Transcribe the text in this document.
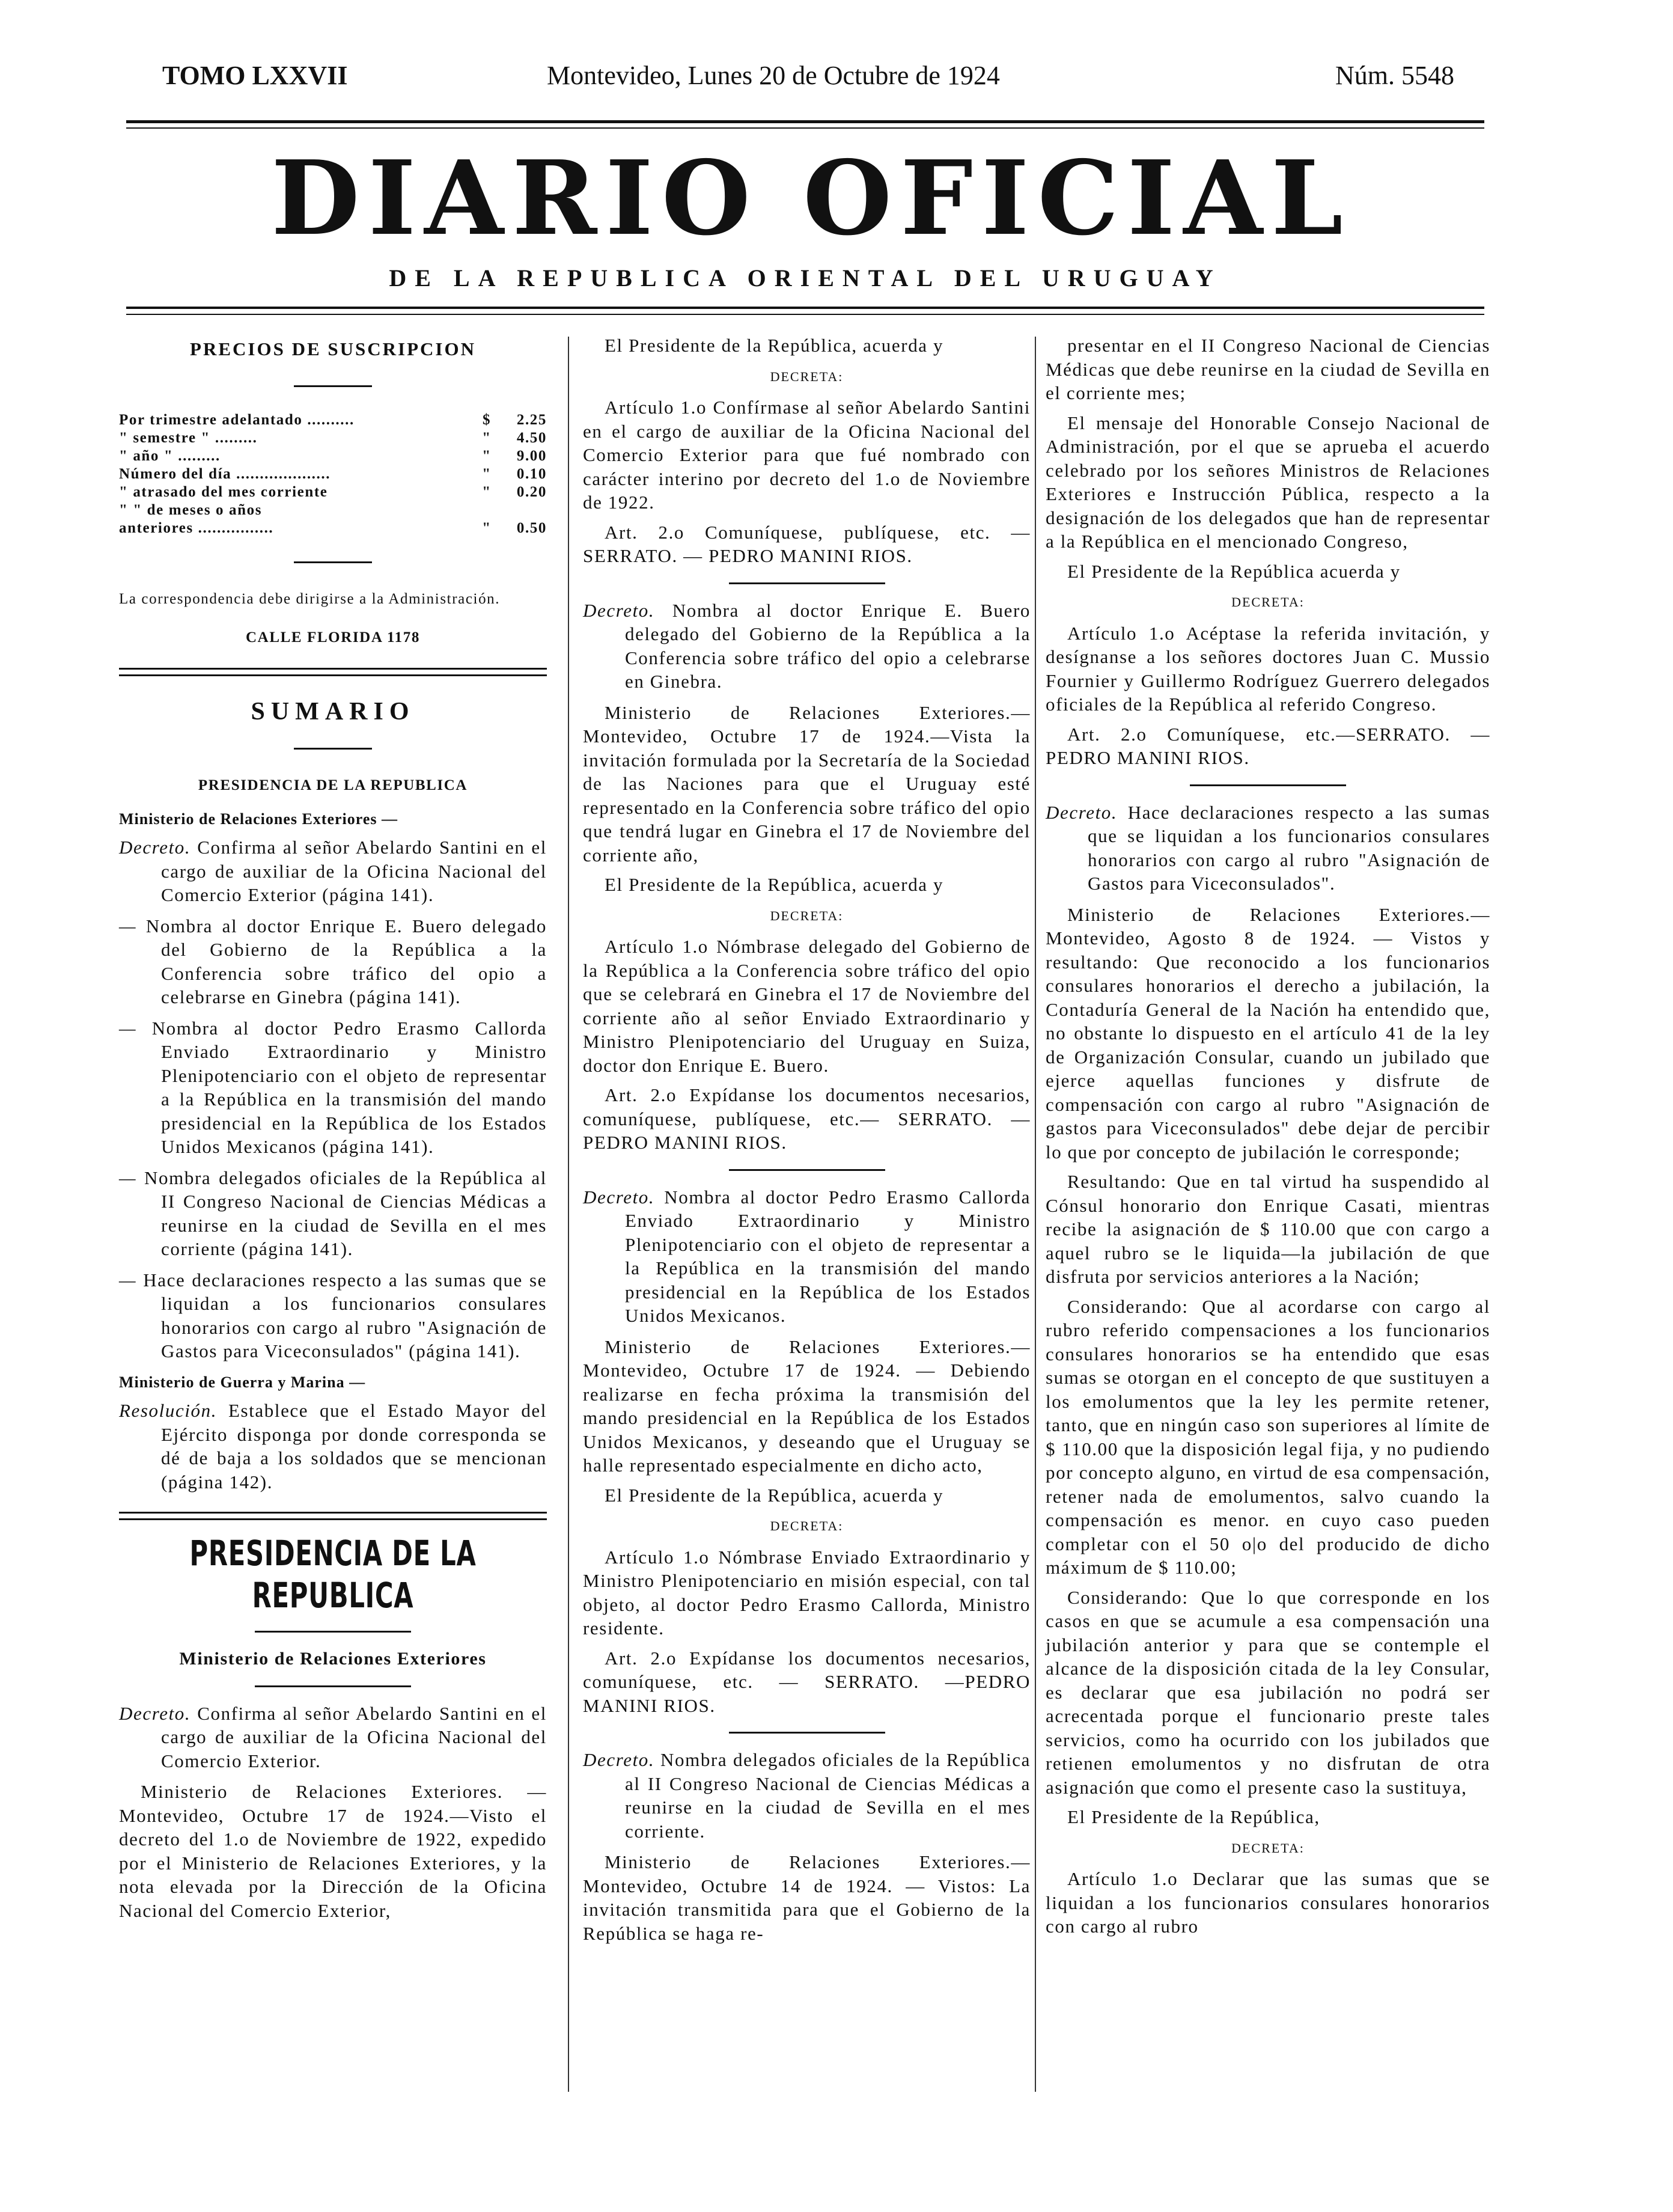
TOMO LXXVII	Montevideo, Lunes 20 de Octubre de 1924	Núm. 5548
DIARIO OFICIAL
DE LA REPUBLICA ORIENTAL DEL URUGUAY
PRECIOS DE SUSCRIPCION
Por trimestre adelantado ..........	$	2.25
" semestre " .........	"	4.50
" año " .........	"	9.00
Número del día ....................	"	0.10
" atrasado del mes corriente	"	0.20
" " de meses o años
anteriores ................	"	0.50

La correspondencia debe dirigirse a la Administración.

CALLE FLORIDA 1178
SUMARIO
PRESIDENCIA DE LA REPUBLICA
Ministerio de Relaciones Exteriores —

Decreto. Confirma al señor Abelardo Santini en el cargo de auxiliar de la Oficina Nacional del Comercio Exterior (página 141).

— Nombra al doctor Enrique E. Buero delegado del Gobierno de la República a la Conferencia sobre tráfico del opio a celebrarse en Ginebra (página 141).

— Nombra al doctor Pedro Erasmo Callorda Enviado Extraordinario y Ministro Plenipotenciario con el objeto de representar a la República en la transmisión del mando presidencial en la República de los Estados Unidos Mexicanos (página 141).

— Nombra delegados oficiales de la República al II Congreso Nacional de Ciencias Médicas a reunirse en la ciudad de Sevilla en el mes corriente (página 141).

— Hace declaraciones respecto a las sumas que se liquidan a los funcionarios consulares honorarios con cargo al rubro "Asignación de Gastos para Viceconsulados" (página 141).

Ministerio de Guerra y Marina —

Resolución. Establece que el Estado Mayor del Ejército disponga por donde corresponda se dé de baja a los soldados que se mencionan (página 142).

PRESIDENCIA DE LA REPUBLICA
Ministerio de Relaciones Exteriores

Decreto. Confirma al señor Abelardo Santini en el cargo de auxiliar de la Oficina Nacional del Comercio Exterior.

Ministerio de Relaciones Exteriores. — Montevideo, Octubre 17 de 1924.—Visto el decreto del 1.o de Noviembre de 1922, expedido por el Ministerio de Relaciones Exteriores, y la nota elevada por la Dirección de la Oficina Nacional del Comercio Exterior,

El Presidente de la República, acuerda y

DECRETA:

Artículo 1.o Confírmase al señor Abelardo Santini en el cargo de auxiliar de la Oficina Nacional del Comercio Exterior para que fué nombrado con carácter interino por decreto del 1.o de Noviembre de 1922.

Art. 2.o Comuníquese, publíquese, etc. —SERRATO. — PEDRO MANINI RIOS.

Decreto. Nombra al doctor Enrique E. Buero delegado del Gobierno de la República a la Conferencia sobre tráfico del opio a celebrarse en Ginebra.

Ministerio de Relaciones Exteriores.— Montevideo, Octubre 17 de 1924.—Vista la invitación formulada por la Secretaría de la Sociedad de las Naciones para que el Uruguay esté representado en la Conferencia sobre tráfico del opio que tendrá lugar en Ginebra el 17 de Noviembre del corriente año,

El Presidente de la República, acuerda y

DECRETA:

Artículo 1.o Nómbrase delegado del Gobierno de la República a la Conferencia sobre tráfico del opio que se celebrará en Ginebra el 17 de Noviembre del corriente año al señor Enviado Extraordinario y Ministro Plenipotenciario del Uruguay en Suiza, doctor don Enrique E. Buero.

Art. 2.o Expídanse los documentos necesarios, comuníquese, publíquese, etc.— SERRATO. — PEDRO MANINI RIOS.

Decreto. Nombra al doctor Pedro Erasmo Callorda Enviado Extraordinario y Ministro Plenipotenciario con el objeto de representar a la República en la transmisión del mando presidencial en la República de los Estados Unidos Mexicanos.

Ministerio de Relaciones Exteriores.— Montevideo, Octubre 17 de 1924. — Debiendo realizarse en fecha próxima la transmisión del mando presidencial en la República de los Estados Unidos Mexicanos, y deseando que el Uruguay se halle representado especialmente en dicho acto,

El Presidente de la República, acuerda y

DECRETA:

Artículo 1.o Nómbrase Enviado Extraordinario y Ministro Plenipotenciario en misión especial, con tal objeto, al doctor Pedro Erasmo Callorda, Ministro residente.

Art. 2.o Expídanse los documentos necesarios, comuníquese, etc. — SERRATO. —PEDRO MANINI RIOS.

Decreto. Nombra delegados oficiales de la República al II Congreso Nacional de Ciencias Médicas a reunirse en la ciudad de Sevilla en el mes corriente.

Ministerio de Relaciones Exteriores.— Montevideo, Octubre 14 de 1924. — Vistos: La invitación transmitida para que el Gobierno de la República se haga re-

presentar en el II Congreso Nacional de Ciencias Médicas que debe reunirse en la ciudad de Sevilla en el corriente mes;

El mensaje del Honorable Consejo Nacional de Administración, por el que se aprueba el acuerdo celebrado por los señores Ministros de Relaciones Exteriores e Instrucción Pública, respecto a la designación de los delegados que han de representar a la República en el mencionado Congreso,

El Presidente de la República acuerda y

DECRETA:

Artículo 1.o Acéptase la referida invitación, y desígnanse a los señores doctores Juan C. Mussio Fournier y Guillermo Rodríguez Guerrero delegados oficiales de la República al referido Congreso.

Art. 2.o Comuníquese, etc.—SERRATO. —PEDRO MANINI RIOS.

Decreto. Hace declaraciones respecto a las sumas que se liquidan a los funcionarios consulares honorarios con cargo al rubro "Asignación de Gastos para Viceconsulados".

Ministerio de Relaciones Exteriores.— Montevideo, Agosto 8 de 1924. — Vistos y resultando: Que reconocido a los funcionarios consulares honorarios el derecho a jubilación, la Contaduría General de la Nación ha entendido que, no obstante lo dispuesto en el artículo 41 de la ley de Organización Consular, cuando un jubilado que ejerce aquellas funciones y disfrute de compensación con cargo al rubro "Asignación de gastos para Viceconsulados" debe dejar de percibir lo que por concepto de jubilación le corresponde;

Resultando: Que en tal virtud ha suspendido al Cónsul honorario don Enrique Casati, mientras recibe la asignación de $ 110.00 que con cargo a aquel rubro se le liquida—la jubilación de que disfruta por servicios anteriores a la Nación;

Considerando: Que al acordarse con cargo al rubro referido compensaciones a los funcionarios consulares honorarios se ha entendido que esas sumas se otorgan en el concepto de que sustituyen a los emolumentos que la ley les permite retener, tanto, que en ningún caso son superiores al límite de $ 110.00 que la disposición legal fija, y no pudiendo por concepto alguno, en virtud de esa compensación, retener nada de emolumentos, salvo cuando la compensación es menor. en cuyo caso pueden completar con el 50 o|o del producido de dicho máximum de $ 110.00;

Considerando: Que lo que corresponde en los casos en que se acumule a esa compensación una jubilación anterior y para que se contemple el alcance de la disposición citada de la ley Consular, es declarar que esa jubilación no podrá ser acrecentada porque el funcionario preste tales servicios, como ha ocurrido con los jubilados que retienen emolumentos y no disfrutan de otra asignación que como el presente caso la sustituya,

El Presidente de la República,

DECRETA:

Artículo 1.o Declarar que las sumas que se liquidan a los funcionarios consulares honorarios con cargo al rubro
